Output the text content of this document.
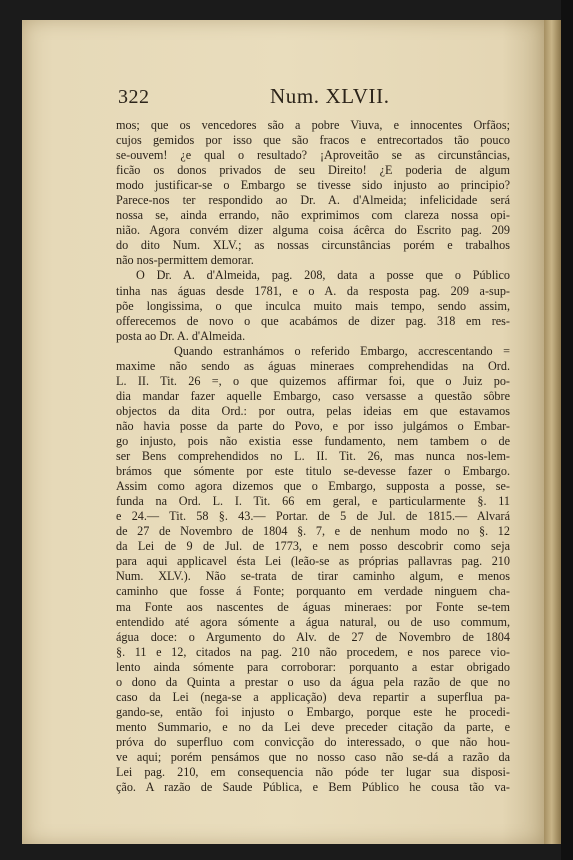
322	Num. XLVII.
mos; que os vencedores são a pobre Viuva, e innocentes Orfãos;
cujos gemidos por isso que são fracos e entrecortados tão pouco
se-ouvem! ¿e qual o resultado? ¡Aproveitão se as circunstâncias,
ficão os donos privados de seu Direito! ¿E poderia de algum
modo justificar-se o Embargo se tivesse sido injusto ao principio?
Parece-nos ter respondido ao Dr. A. d'Almeida; infelicidade será
nossa se, ainda errando, não exprimimos com clareza nossa opi-
nião. Agora convém dizer alguma coisa ácêrca do Escrito pag. 209
do dito Num. XLV.; as nossas circunstâncias porém e trabalhos
não nos-permittem demorar.
O Dr. A. d'Almeida, pag. 208, data a posse que o Público
tinha nas águas desde 1781, e o A. da resposta pag. 209 a-sup-
põe longissima, o que inculca muito mais tempo, sendo assim,
offerecemos de novo o que acabámos de dizer pag. 318 em res-
posta ao Dr. A. d'Almeida.
Quando estranhámos o referido Embargo, accrescentando =
maxime não sendo as águas mineraes comprehendidas na Ord.
L. II. Tit. 26 =, o que quizemos affirmar foi, que o Juiz po-
dia mandar fazer aquelle Embargo, caso versasse a questão sôbre
objectos da dita Ord.: por outra, pelas ideias em que estavamos
não havia posse da parte do Povo, e por isso julgámos o Embar-
go injusto, pois não existia esse fundamento, nem tambem o de
ser Bens comprehendidos no L. II. Tit. 26, mas nunca nos-lem-
brámos que sómente por este titulo se-devesse fazer o Embargo.
Assim como agora dizemos que o Embargo, supposta a posse, se-
funda na Ord. L. I. Tit. 66 em geral, e particularmente §. 11
e 24.— Tit. 58 §. 43.— Portar. de 5 de Jul. de 1815.— Alvará
de 27 de Novembro de 1804 §. 7, e de nenhum modo no §. 12
da Lei de 9 de Jul. de 1773, e nem posso descobrir como seja
para aqui applicavel ésta Lei (leão-se as próprias pallavras pag. 210
Num. XLV.). Não se-trata de tirar caminho algum, e menos
caminho que fosse á Fonte; porquanto em verdade ninguem cha-
ma Fonte aos nascentes de águas mineraes: por Fonte se-tem
entendido até agora sómente a água natural, ou de uso commum,
água doce: o Argumento do Alv. de 27 de Novembro de 1804
§. 11 e 12, citados na pag. 210 não procedem, e nos parece vio-
lento ainda sómente para corroborar: porquanto a estar obrigado
o dono da Quinta a prestar o uso da água pela razão de que no
caso da Lei (nega-se a applicação) deva repartir a superflua pa-
gando-se, então foi injusto o Embargo, porque este he procedi-
mento Summario, e no da Lei deve preceder citação da parte, e
próva do superfluo com convicção do interessado, o que não hou-
ve aqui; porém pensámos que no nosso caso não se-dá a razão da
Lei pag. 210, em consequencia não póde ter lugar sua disposi-
ção. A razão de Saude Pública, e Bem Público he cousa tão va-
